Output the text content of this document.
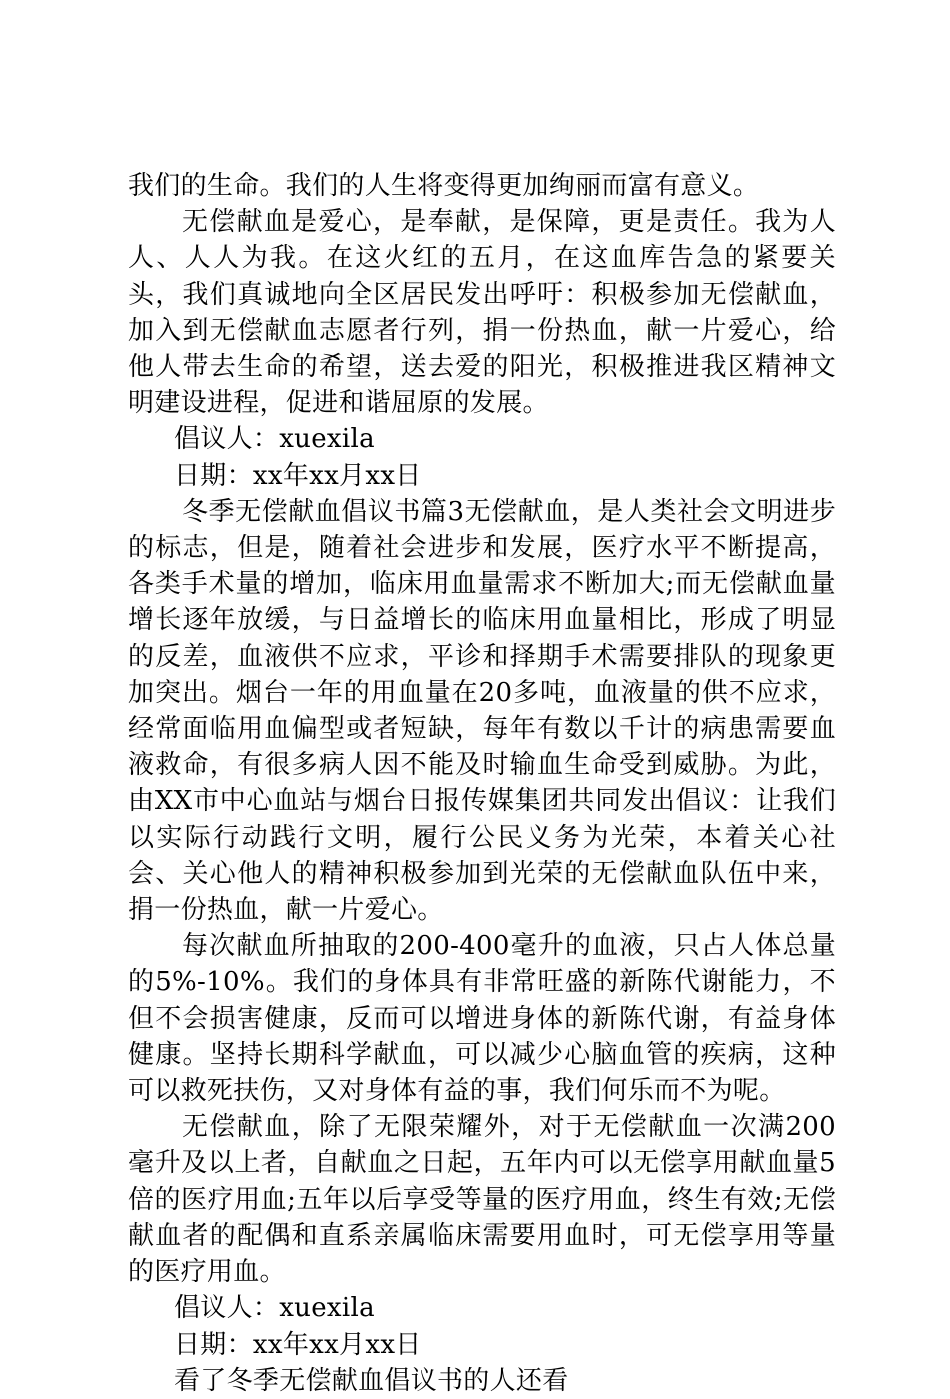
我们的生命。我们的人生将变得更加绚丽而富有意义。

无偿献血是爱心，是奉献，是保障，更是责任。我为人人、人人为我。在这火红的五月，在这血库告急的紧要关头，我们真诚地向全区居民发出呼吁：积极参加无偿献血，加入到无偿献血志愿者行列，捐一份热血，献一片爱心，给他人带去生命的希望，送去爱的阳光，积极推进我区精神文明建设进程，促进和谐屈原的发展。

倡议人：xuexila

日期：xx年xx月xx日

冬季无偿献血倡议书篇3无偿献血，是人类社会文明进步的标志，但是，随着社会进步和发展，医疗水平不断提高，各类手术量的增加，临床用血量需求不断加大;而无偿献血量增长逐年放缓，与日益增长的临床用血量相比，形成了明显的反差，血液供不应求，平诊和择期手术需要排队的现象更加突出。烟台一年的用血量在20多吨，血液量的供不应求，经常面临用血偏型或者短缺，每年有数以千计的病患需要血液救命，有很多病人因不能及时输血生命受到威胁。为此，由XX市中心血站与烟台日报传媒集团共同发出倡议：让我们以实际行动践行文明，履行公民义务为光荣，本着关心社会、关心他人的精神积极参加到光荣的无偿献血队伍中来，捐一份热血，献一片爱心。

每次献血所抽取的200-400毫升的血液，只占人体总量的5%-10%。我们的身体具有非常旺盛的新陈代谢能力，不但不会损害健康，反而可以增进身体的新陈代谢，有益身体健康。坚持长期科学献血，可以减少心脑血管的疾病，这种可以救死扶伤，又对身体有益的事，我们何乐而不为呢。

无偿献血，除了无限荣耀外，对于无偿献血一次满200毫升及以上者，自献血之日起，五年内可以无偿享用献血量5倍的医疗用血;五年以后享受等量的医疗用血，终生有效;无偿献血者的配偶和直系亲属临床需要用血时，可无偿享用等量的医疗用血。

倡议人：xuexila

日期：xx年xx月xx日

看了冬季无偿献血倡议书的人还看
